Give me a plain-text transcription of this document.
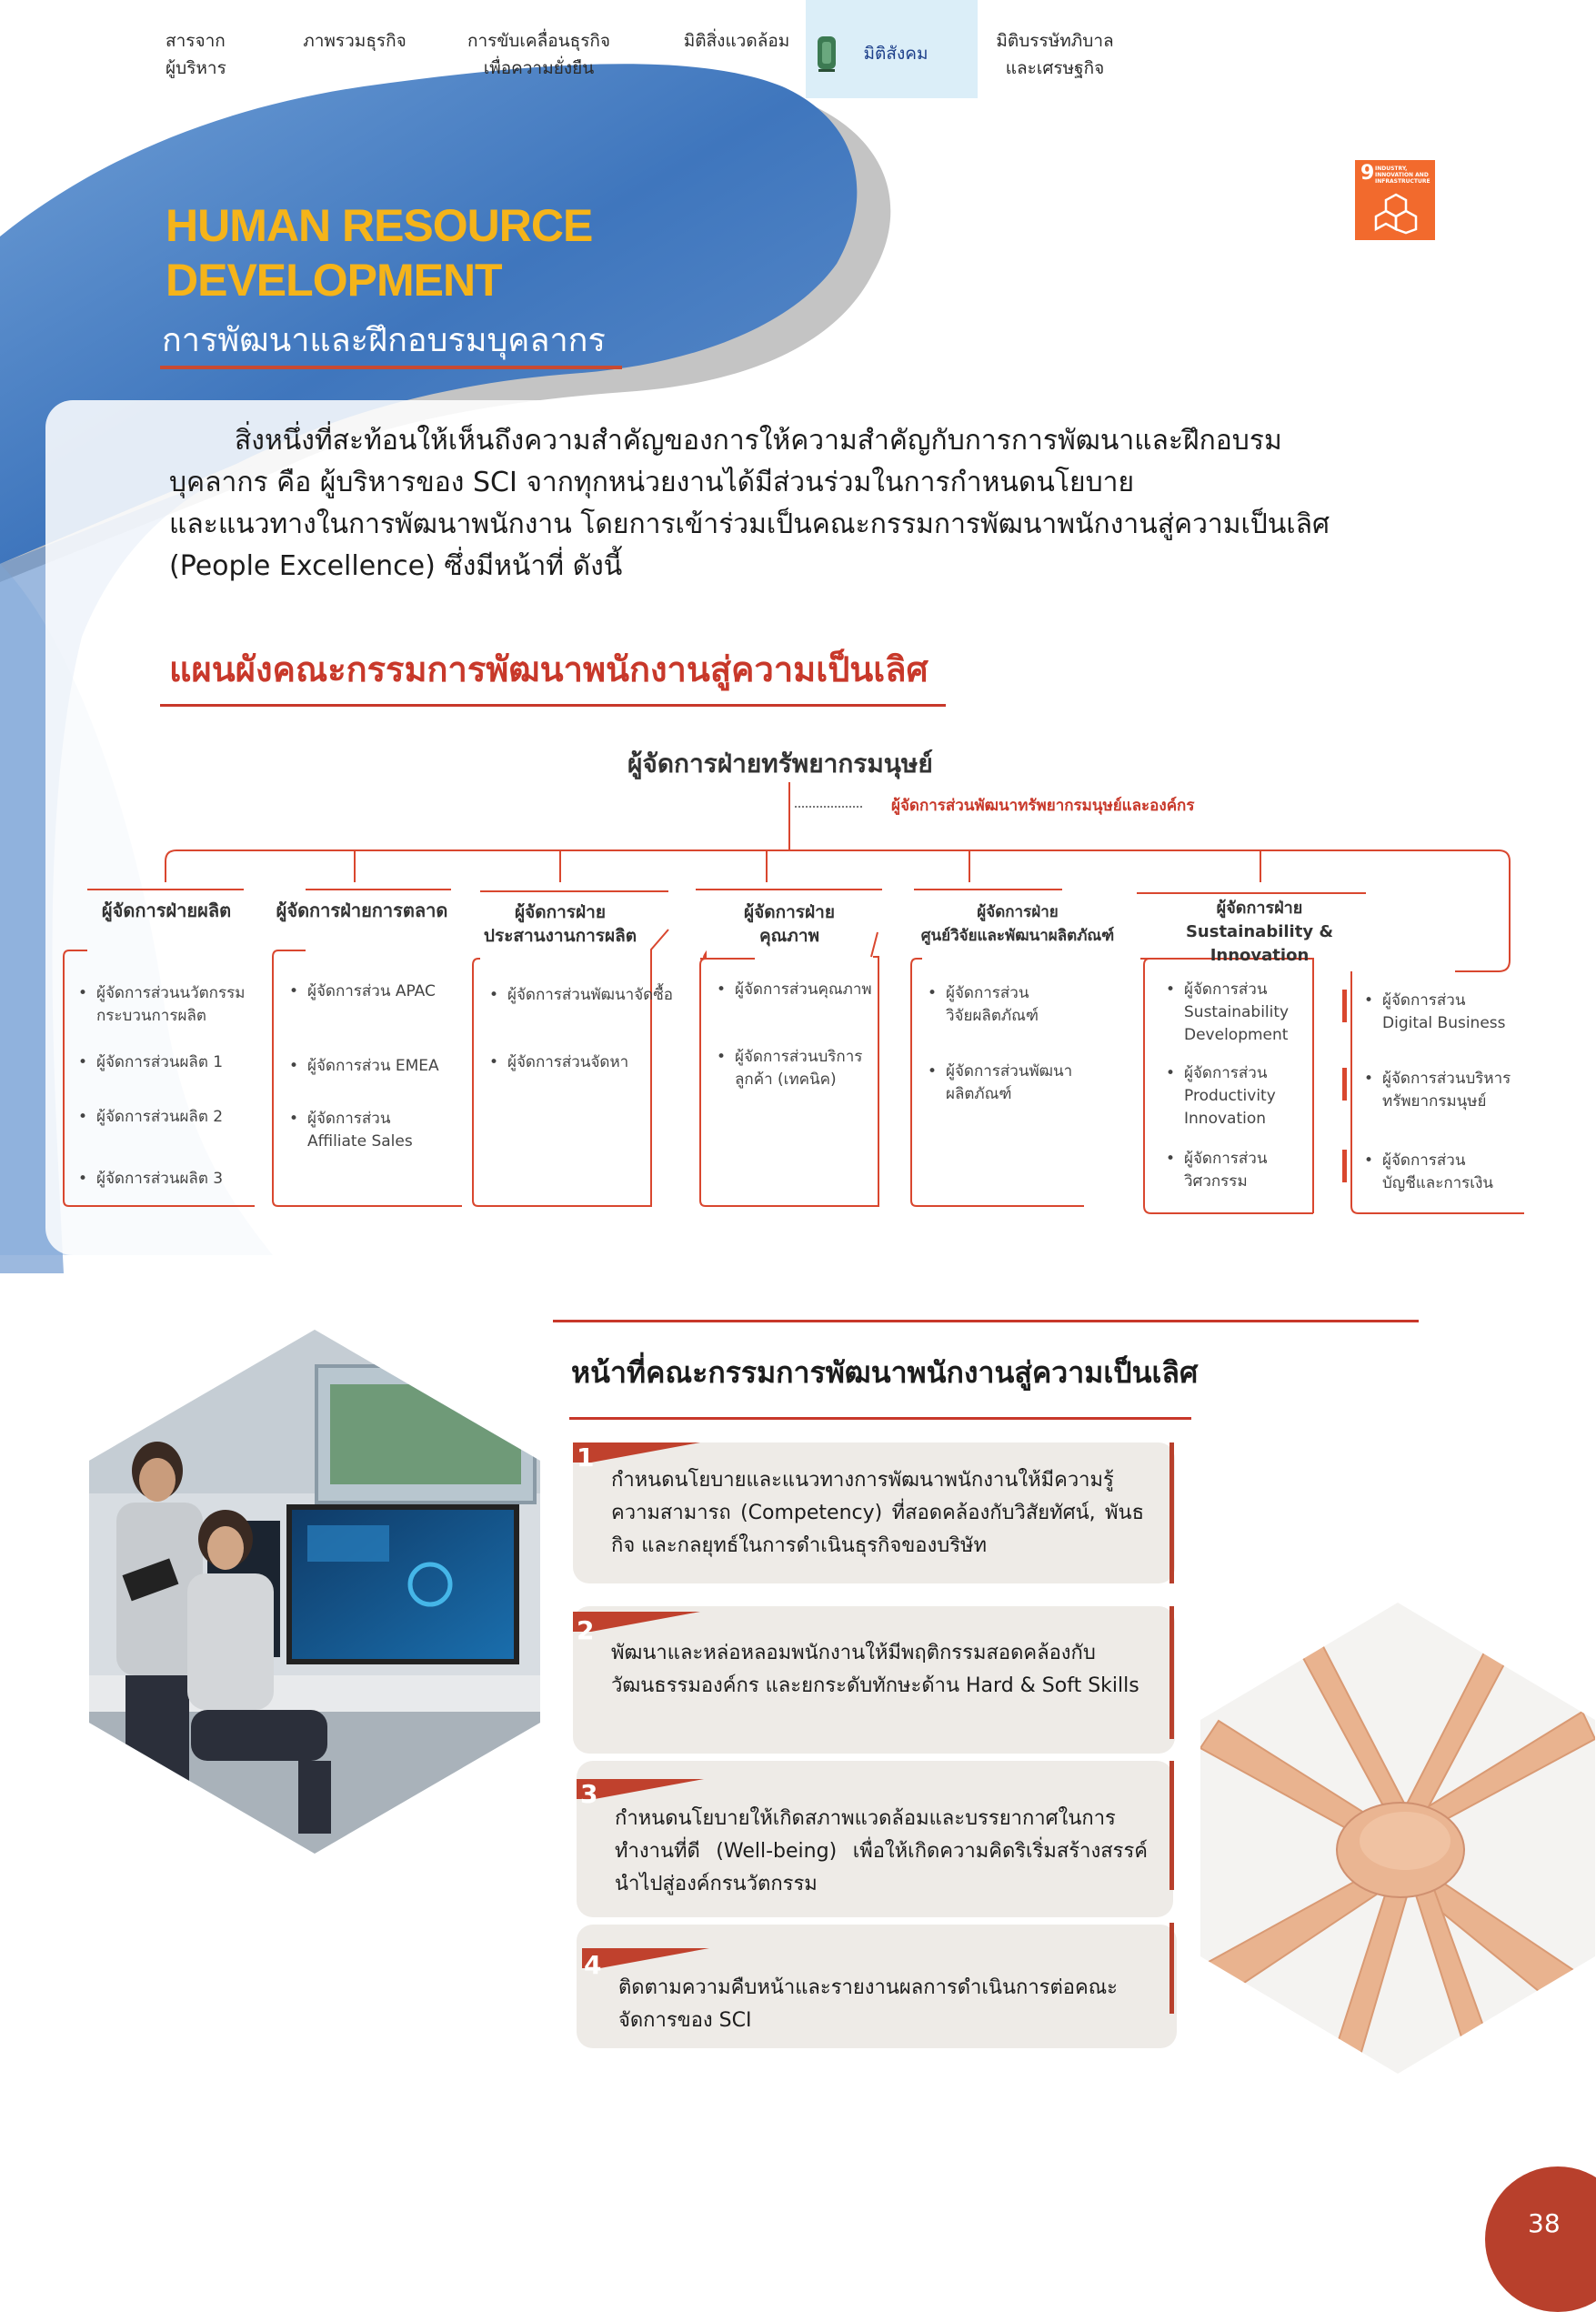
สารจาก
ผู้บริหาร
ภาพรวมธุรกิจ	การขับเคลื่อนธุรกิจ
เพื่อความยั่งยืน
มิติสิ่งแวดล้อม
มิติสังคม
มิติบรรษัทภิบาล
และเศรษฐกิจ
9 INDUSTRY, INNOVATION AND INFRASTRUCTURE
HUMAN RESOURCE
DEVELOPMENT
การพัฒนาและฝึกอบรมบุคลากร

สิ่งหนึ่งที่สะท้อนให้เห็นถึงความสำคัญของการให้ความสำคัญกับการการพัฒนาและฝึกอบรม

บุคลากร คือ ผู้บริหารของ SCI จากทุกหน่วยงานได้มีส่วนร่วมในการกำหนดนโยบาย

และแนวทางในการพัฒนาพนักงาน โดยการเข้าร่วมเป็นคณะกรรมการพัฒนาพนักงานสู่ความเป็นเลิศ

(People Excellence) ซึ่งมีหน้าที่ ดังนี้

แผนผังคณะกรรมการพัฒนาพนักงานสู่ความเป็นเลิศ
ผู้จัดการฝ่ายทรัพยากรมนุษย์
ผู้จัดการส่วนพัฒนาทรัพยากรมนุษย์และองค์กร
ผู้จัดการฝ่ายผลิต	ผู้จัดการฝ่ายการตลาด	ผู้จัดการฝ่าย
ประสานงานการผลิต
ผู้จัดการฝ่าย
คุณภาพ
ผู้จัดการฝ่าย
ศูนย์วิจัยและพัฒนาผลิตภัณฑ์
ผู้จัดการฝ่าย
Sustainability & Innovation
• ผู้จัดการส่วนนวัตกรรม
กระบวนการผลิต
• ผู้จัดการส่วนผลิต 1
• ผู้จัดการส่วนผลิต 2
• ผู้จัดการส่วนผลิต 3
• ผู้จัดการส่วน APAC
• ผู้จัดการส่วน EMEA
• ผู้จัดการส่วน
Affiliate Sales
• ผู้จัดการส่วนพัฒนาจัดซื้อ
• ผู้จัดการส่วนจัดหา
• ผู้จัดการส่วนคุณภาพ
• ผู้จัดการส่วนบริการ
ลูกค้า (เทคนิค)
• ผู้จัดการส่วน
วิจัยผลิตภัณฑ์
• ผู้จัดการส่วนพัฒนา
ผลิตภัณฑ์
• ผู้จัดการส่วน
Sustainability
Development
• ผู้จัดการส่วน
Productivity
Innovation
• ผู้จัดการส่วน
วิศวกรรม
• ผู้จัดการส่วน
Digital Business
• ผู้จัดการส่วนบริหาร
ทรัพยากรมนุษย์
• ผู้จัดการส่วน
บัญชีและการเงิน
หน้าที่คณะกรรมการพัฒนาพนักงานสู่ความเป็นเลิศ
1
กำหนดนโยบายและแนวทางการพัฒนาพนักงานให้มีความรู้ ความสามารถ (Competency) ที่สอดคล้องกับวิสัยทัศน์, พันธกิจ และกลยุทธ์ในการดำเนินธุรกิจของบริษัท
2
พัฒนาและหล่อหลอมพนักงานให้มีพฤติกรรมสอดคล้องกับวัฒนธรรมองค์กร และยกระดับทักษะด้าน Hard & Soft Skills
3
กำหนดนโยบายให้เกิดสภาพแวดล้อมและบรรยากาศในการทำงานที่ดี (Well-being) เพื่อให้เกิดความคิดริเริ่มสร้างสรรค์ นำไปสู่องค์กรนวัตกรรม
4
ติดตามความคืบหน้าและรายงานผลการดำเนินการต่อคณะจัดการของ SCI
38
